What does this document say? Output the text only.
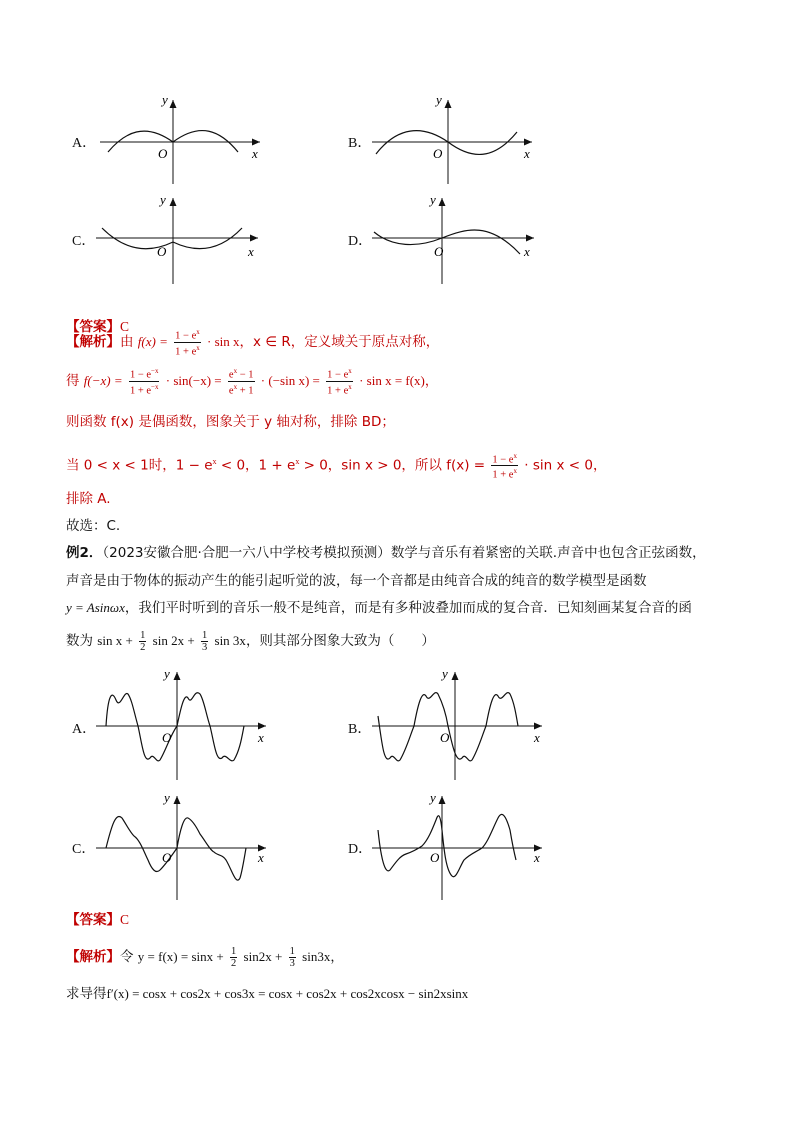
A．
y
x
O
B．
y
x
O
C．
y
x
O
D．
y
x
O
【答案】C
【解析】由 $f(x) = \frac{1 - e^x}{1 + e^x} \cdot \sin x$，x ∈ R，定义域关于原点对称，
得 $f(-x) = \frac{1 - e^{-x}}{1 + e^{-x}} \cdot \sin(-x) = \frac{e^x - 1}{e^x + 1} \cdot (-\sin$ $x) = \frac{1 - e^x}{1 + e^x} \cdot \sin x = f(x)$，
则函数 f(x) 是偶函数，图象关于 y 轴对称，排除 BD；
当 0 < x < 1时，$1 - e^x < 0$，$1 + e^x > 0$，sin x > 0，所以 $f(x) = \frac{1 - e^x}{1 + e^x} \cdot \sin x < 0$，
排除 A.
故选：C.
例2．（2023安徽合肥·合肥一六八中学校考模拟预测）数学与音乐有着紧密的关联.声音中也包含正弦函数，
声音是由于物体的振动产生的能引起听觉的波，每一个音都是由纯音合成的纯音的数学模型是函数
y = Asinωx，我们平时听到的音乐一般不是纯音，而是有多种波叠加而成的复合音．已知刻画某复合音的函
数为 $\sin x + \frac{1}{2}$ $\sin 2x + \frac{1}{3}$ sin 3x，则其部分图象大致为（　　）
A．
y
x
O
B．
y
x
O
C．
y
x
O
D．
y
x
O
【答案】C
【解析】令 $y = f(x) = \sin x + \frac{1}{2} \sin 2x + \frac{1}{3} \sin 3x$，
求导得f′(x) = cosx + cos2x + cos3x = cosx + cos2x + cos2xcosx − sin2xsinx
